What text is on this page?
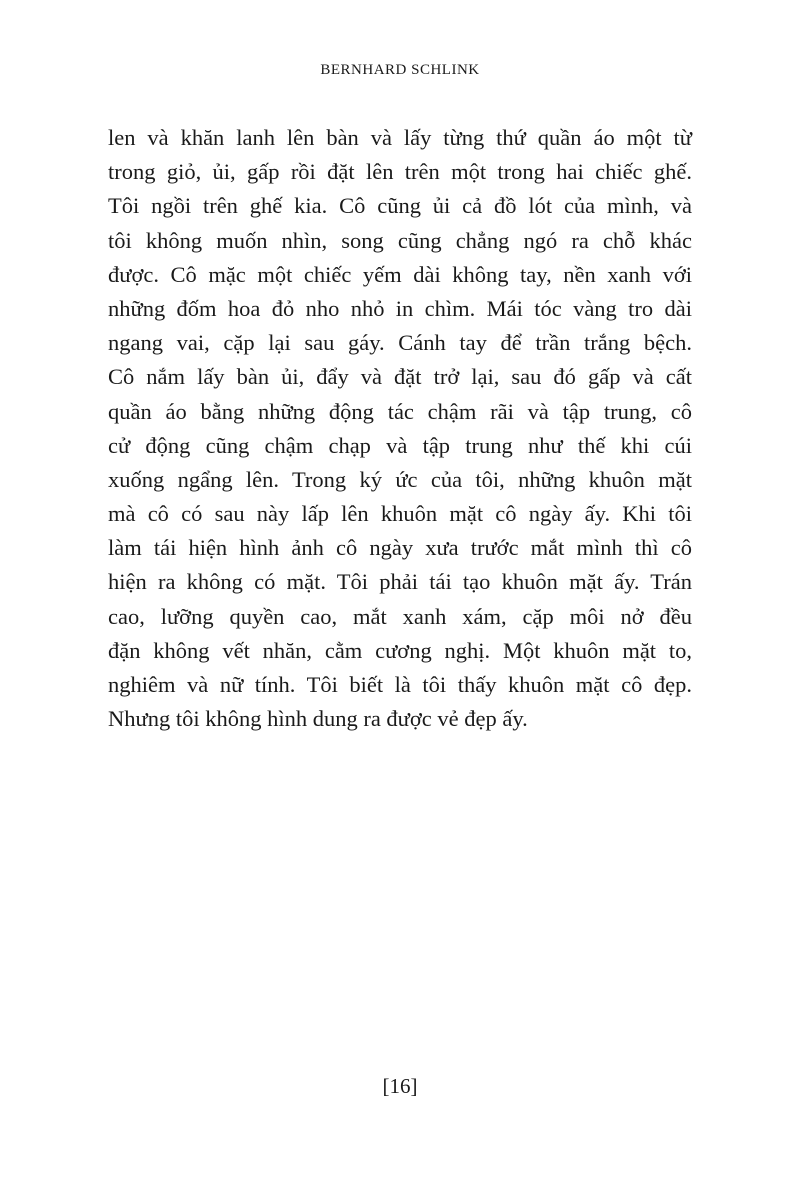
BERNHARD SCHLINK
len và khăn lanh lên bàn và lấy từng thứ quần áo một từ
trong giỏ, ủi, gấp rồi đặt lên trên một trong hai chiếc ghế.
Tôi ngồi trên ghế kia. Cô cũng ủi cả đồ lót của mình, và
tôi không muốn nhìn, song cũng chẳng ngó ra chỗ khác
được. Cô mặc một chiếc yếm dài không tay, nền xanh với
những đốm hoa đỏ nho nhỏ in chìm. Mái tóc vàng tro dài
ngang vai, cặp lại sau gáy. Cánh tay để trần trắng bệch.
Cô nắm lấy bàn ủi, đẩy và đặt trở lại, sau đó gấp và cất
quần áo bằng những động tác chậm rãi và tập trung, cô
cử động cũng chậm chạp và tập trung như thế khi cúi
xuống ngẩng lên. Trong ký ức của tôi, những khuôn mặt
mà cô có sau này lấp lên khuôn mặt cô ngày ấy. Khi tôi
làm tái hiện hình ảnh cô ngày xưa trước mắt mình thì cô
hiện ra không có mặt. Tôi phải tái tạo khuôn mặt ấy. Trán
cao, lưỡng quyền cao, mắt xanh xám, cặp môi nở đều
đặn không vết nhăn, cằm cương nghị. Một khuôn mặt to,
nghiêm và nữ tính. Tôi biết là tôi thấy khuôn mặt cô đẹp.
Nhưng tôi không hình dung ra được vẻ đẹp ấy.
[16]
